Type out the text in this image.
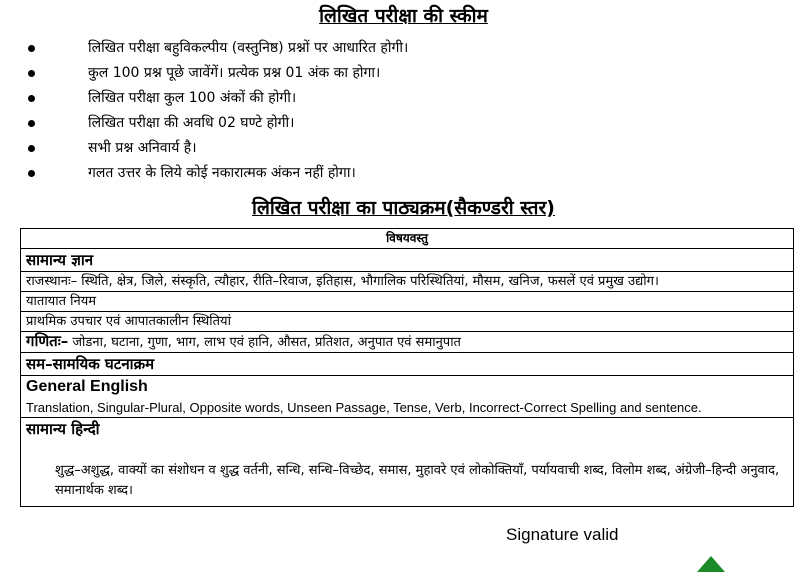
लिखित परीक्षा की स्कीम
लिखित परीक्षा बहुविकल्पीय (वस्तुनिष्ठ) प्रश्नों पर आधारित होगी।
कुल 100 प्रश्न पूछे जावेंगें। प्रत्येक प्रश्न 01 अंक का होगा।
लिखित परीक्षा कुल 100 अंकों की होगी।
लिखित परीक्षा की अवधि 02 घण्टे होगी।
सभी प्रश्न अनिवार्य है।
गलत उत्तर के लिये कोई नकारात्मक अंकन नहीं होगा।
लिखित परीक्षा का पाठ्यक्रम(सैकण्डरी स्तर)
विषयवस्तु
सामान्य ज्ञान
राजस्थानः– स्थिति, क्षेत्र, जिले, संस्कृति, त्यौहार, रीति–रिवाज, इतिहास, भौगालिक परिस्थितियां, मौसम, खनिज, फसलें एवं प्रमुख उद्योग।
यातायात नियम
प्राथमिक उपचार एवं आपातकालीन स्थितियां
गणितः– जोडना, घटाना, गुणा, भाग, लाभ एवं हानि, औसत, प्रतिशत, अनुपात एवं समानुपात
सम–सामयिक घटनाक्रम

General English
Translation, Singular-Plural, Opposite words, Unseen Passage, Tense, Verb, Incorrect-Correct Spelling and sentence.

सामान्य हिन्दी
शुद्ध–अशुद्ध, वाक्यों का संशोधन व शुद्ध वर्तनी, सन्धि, सन्धि–विच्छेद, समास, मुहावरे एवं लोकोक्तियॉं, पर्यायवाची शब्द, विलोम शब्द, अंग्रेजी–हिन्दी अनुवाद, समानार्थक शब्द।
Signature valid
